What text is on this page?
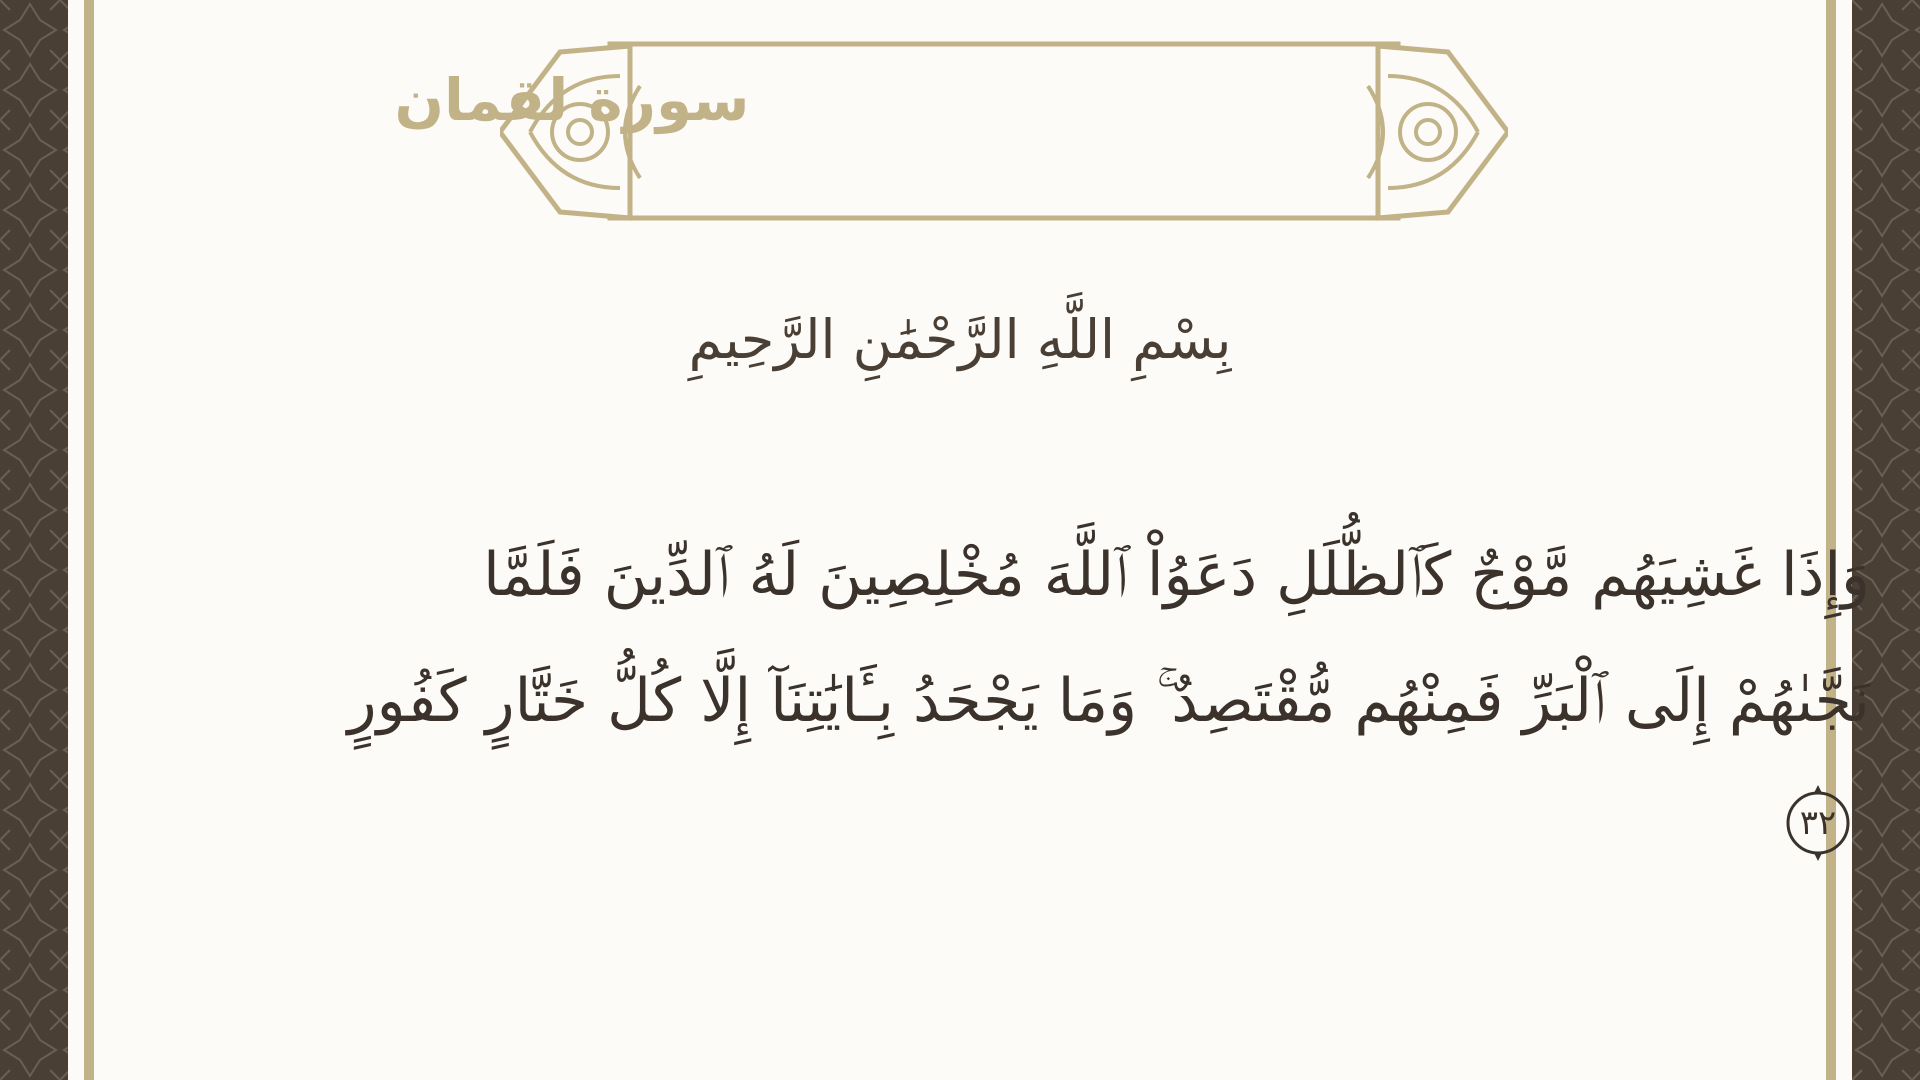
سورة لقمان
بِسْمِ اللَّهِ الرَّحْمَٰنِ الرَّحِيمِ
وَإِذَا غَشِيَهُم مَّوْجٌ كَٱلظُّلَلِ دَعَوُاْ ٱللَّهَ مُخْلِصِينَ لَهُ ٱلدِّينَ فَلَمَّا نَجَّىٰهُمْ إِلَى ٱلْبَرِّ فَمِنْهُم مُّقْتَصِدٌ ۚ وَمَا يَجْحَدُ بِـَٔايَٰتِنَآ إِلَّا كُلُّ خَتَّارٍ كَفُورٍ
٣٢
